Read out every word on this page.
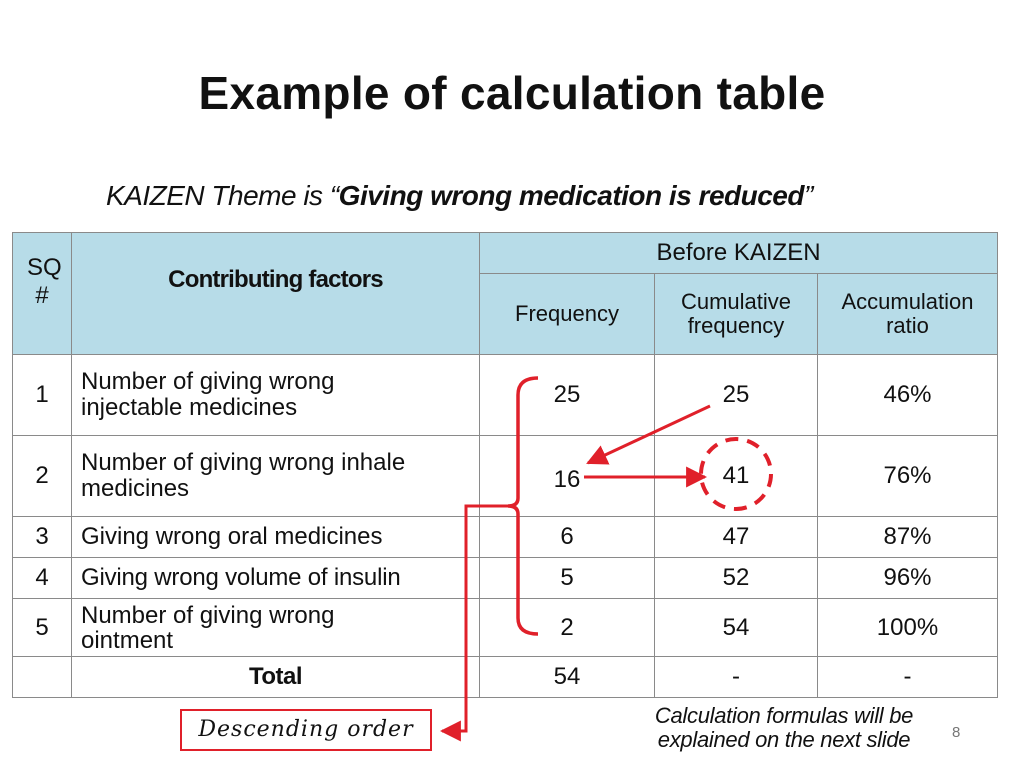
Example of calculation table
KAIZEN Theme is “Giving wrong medication is reduced”
SQ #	Contributing factors	Before KAIZEN		
		Frequency	Cumulative frequency	Accumulation ratio

1	Number of giving wrong injectable medicines	25	25	46%
2	Number of giving wrong inhale medicines	16	41	76%
3	Giving wrong oral medicines	6	47	87%
4	Giving wrong volume of insulin	5	52	96%
5	Number of giving wrong ointment	2	54	100%
	Total	54	-	-
Descending order
Calculation formulas will be explained on the next slide	8
